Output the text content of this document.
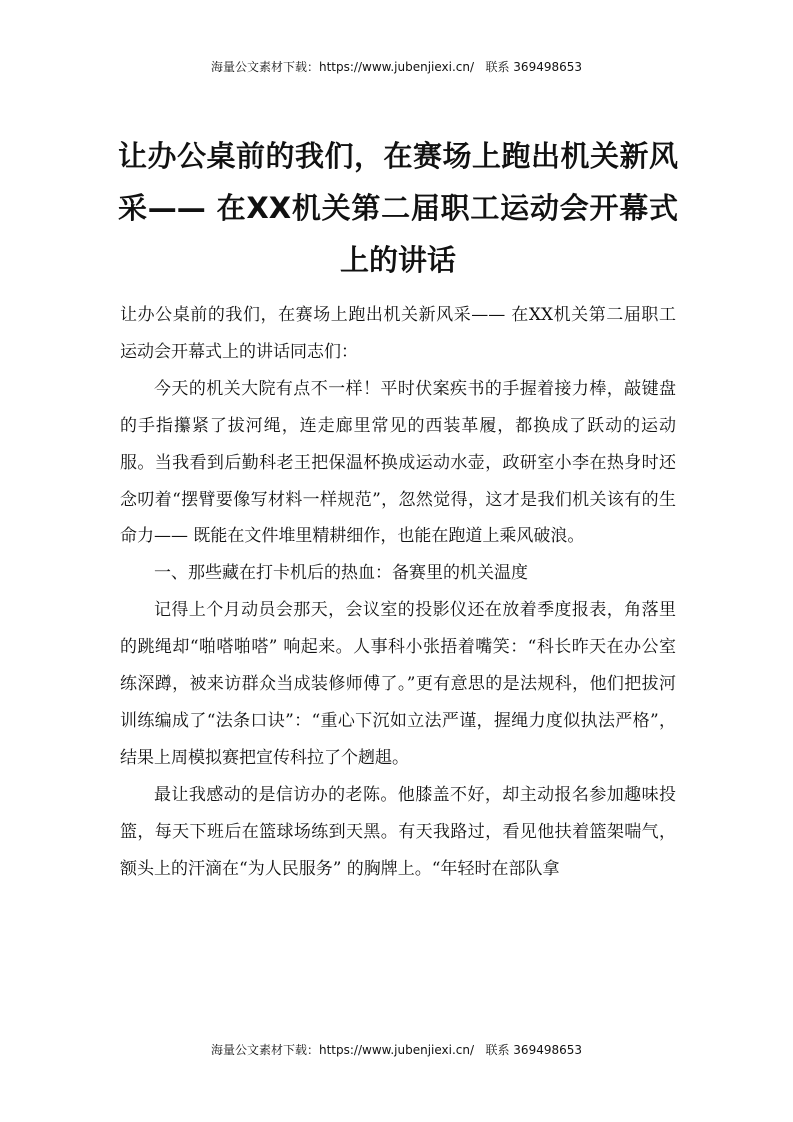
海量公文素材下载：https://www.jubenjiexi.cn/   联系 369498653
让办公桌前的我们，在赛场上跑出机关新风采—— 在XX机关第二届职工运动会开幕式上的讲话

让办公桌前的我们，在赛场上跑出机关新风采—— 在XX机关第二届职工运动会开幕式上的讲话同志们：

今天的机关大院有点不一样！平时伏案疾书的手握着接力棒，敲键盘的手指攥紧了拔河绳，连走廊里常见的西装革履，都换成了跃动的运动服。当我看到后勤科老王把保温杯换成运动水壶，政研室小李在热身时还念叨着“摆臂要像写材料一样规范”，忽然觉得，这才是我们机关该有的生命力—— 既能在文件堆里精耕细作，也能在跑道上乘风破浪。

一、那些藏在打卡机后的热血：备赛里的机关温度

记得上个月动员会那天，会议室的投影仪还在放着季度报表，角落里的跳绳却“啪嗒啪嗒” 响起来。人事科小张捂着嘴笑：“科长昨天在办公室练深蹲，被来访群众当成装修师傅了。”更有意思的是法规科，他们把拔河训练编成了“法条口诀”：“重心下沉如立法严谨，握绳力度似执法严格”，结果上周模拟赛把宣传科拉了个趔趄。

最让我感动的是信访办的老陈。他膝盖不好，却主动报名参加趣味投篮，每天下班后在篮球场练到天黑。有天我路过，看见他扶着篮架喘气，额头上的汗滴在“为人民服务” 的胸牌上。“年轻时在部队拿

海量公文素材下载：https://www.jubenjiexi.cn/   联系 369498653
